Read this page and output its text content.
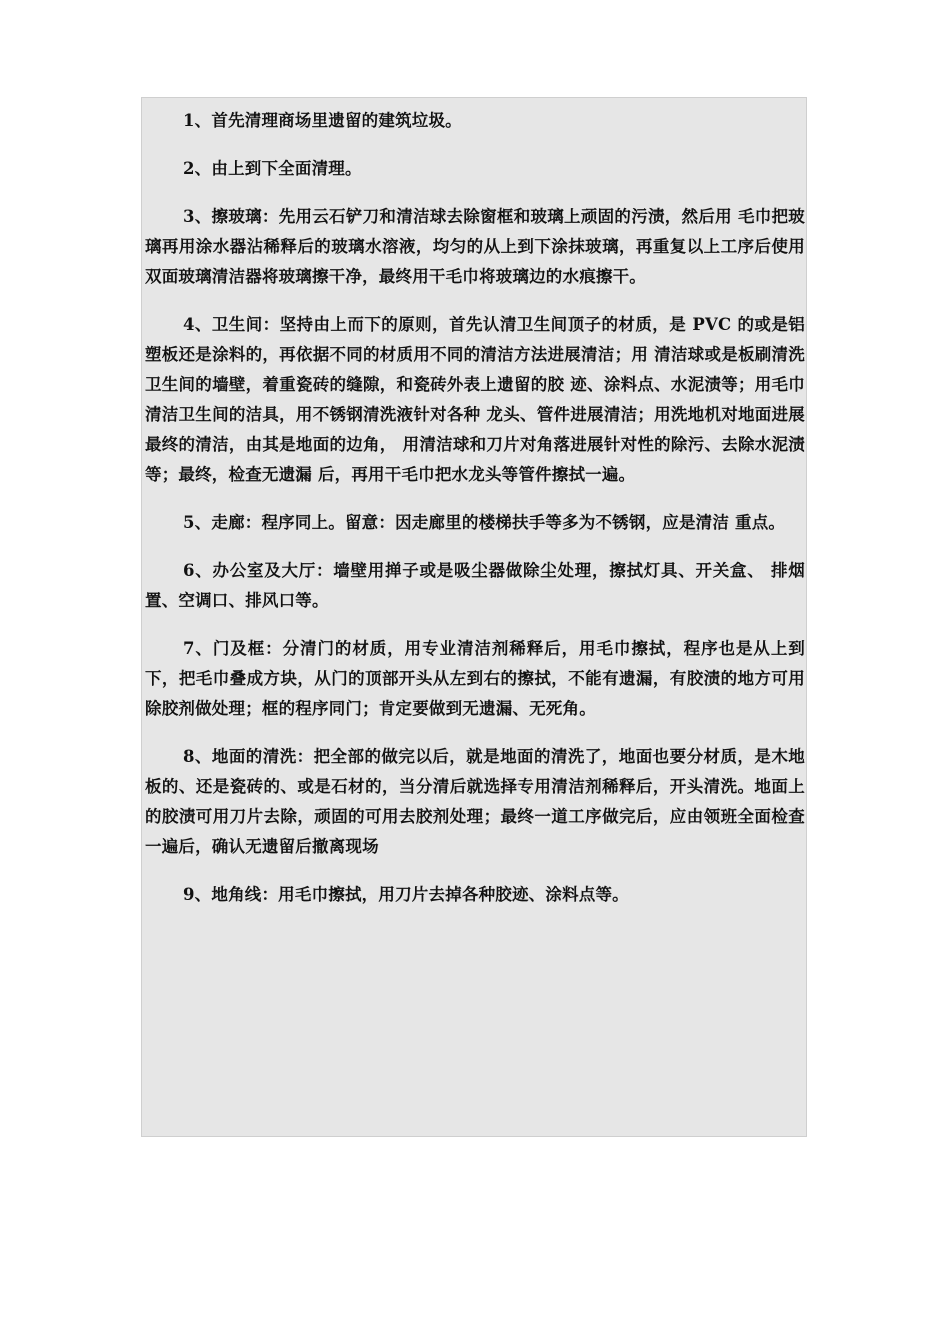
1、首先清理商场里遗留的建筑垃圾。

2、由上到下全面清理。

3、擦玻璃：先用云石铲刀和清洁球去除窗框和玻璃上顽固的污渍，然后用 毛巾把玻璃再用涂水器沾稀释后的玻璃水溶液，均匀的从上到下涂抹玻璃，再重复以上工序后使用双面玻璃清洁器将玻璃擦干净，最终用干毛巾将玻璃边的水痕擦干。

4、卫生间：坚持由上而下的原则，首先认清卫生间顶子的材质，是 PVC 的或是铝塑板还是涂料的，再依据不同的材质用不同的清洁方法进展清洁；用 清洁球或是板刷清洗卫生间的墙壁，着重瓷砖的缝隙，和瓷砖外表上遗留的胶 迹、涂料点、水泥渍等；用毛巾清洁卫生间的洁具，用不锈钢清洗液针对各种 龙头、管件进展清洁；用洗地机对地面进展最终的清洁，由其是地面的边角， 用清洁球和刀片对角落进展针对性的除污、去除水泥渍等；最终，检查无遗漏 后，再用干毛巾把水龙头等管件擦拭一遍。

5、走廊：程序同上。留意：因走廊里的楼梯扶手等多为不锈钢，应是清洁 重点。

6、办公室及大厅：墙壁用掸子或是吸尘器做除尘处理，擦拭灯具、开关盒、 排烟置、空调口、排风口等。

7、门及框：分清门的材质，用专业清洁剂稀释后，用毛巾擦拭，程序也是从上到下，把毛巾叠成方块，从门的顶部开头从左到右的擦拭，不能有遗漏，有胶渍的地方可用除胶剂做处理；框的程序同门；肯定要做到无遗漏、无死角。

8、地面的清洗：把全部的做完以后，就是地面的清洗了，地面也要分材质，是木地板的、还是瓷砖的、或是石材的，当分清后就选择专用清洁剂稀释后，开头清洗。地面上的胶渍可用刀片去除，顽固的可用去胶剂处理；最终一道工序做完后，应由领班全面检查一遍后，确认无遗留后撤离现场

9、地角线：用毛巾擦拭，用刀片去掉各种胶迹、涂料点等。
